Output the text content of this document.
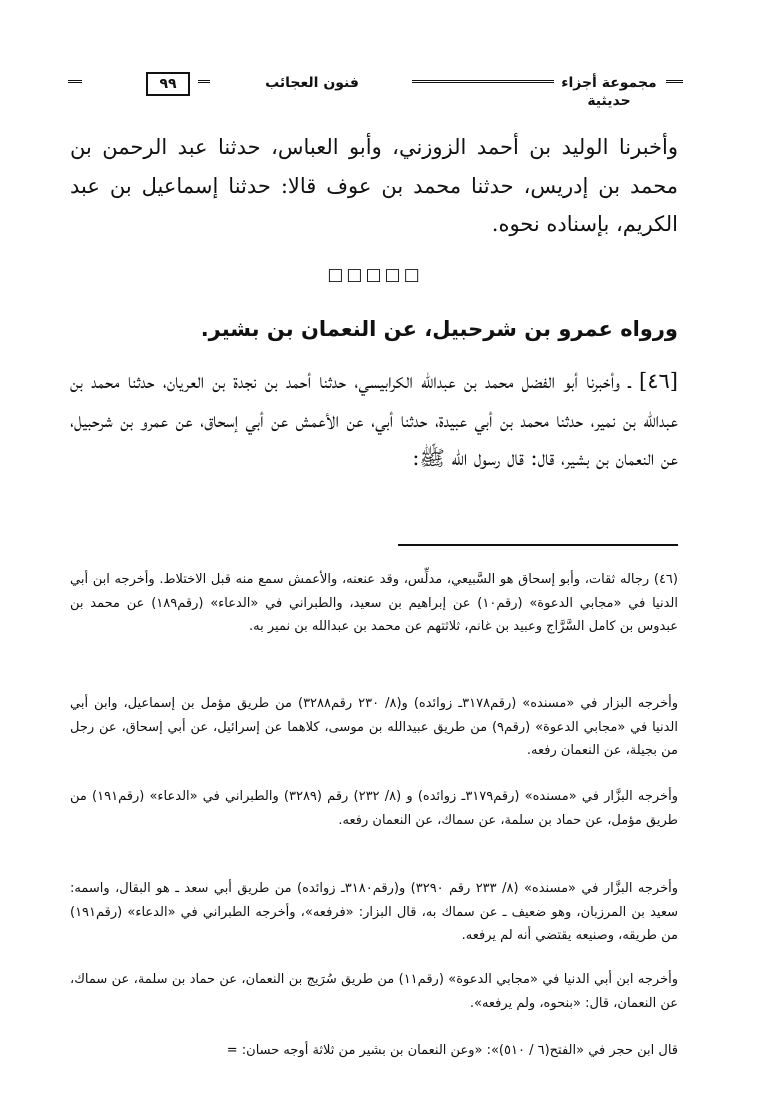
مجموعة أجزاء حديثية
فنون العجائب
٩٩

وأخبرنا الوليد بن أحمد الزوزني، وأبو العباس، حدثنا عبد الرحمن بن محمد بن إدريس، حدثنا محمد بن عوف قالا: حدثنا إسماعيل بن عبد الكريم، بإسناده نحوه.

□□□□□
ورواه عمرو بن شرحبيل، عن النعمان بن بشير.

[٤٦] ـ وأخبرنا أبو الفضل محمد بن عبدالله الكرابيسي، حدثنا أحمد بن نجدة بن العريان، حدثنا محمد بن عبدالله بن نمير، حدثنا محمد بن أبي عبيدة، حدثنا أبي، عن الأعمش عن أبي إسحاق، عن عمرو بن شرحبيل، عن النعمان بن بشير، قال: قال رسول الله ﷺ:

(٤٦) رجاله ثقات، وأبو إسحاق هو السَّبيعي، مدلِّس، وقد عنعنه، والأعمش سمع منه قبل الاختلاط. وأخرجه ابن أبي الدنيا في «مجابي الدعوة» (رقم١٠) عن إبراهيم بن سعيد، والطبراني في «الدعاء» (رقم١٨٩) عن محمد بن عبدوس بن كامل السَّرَّاج وعبيد بن غانم، ثلاثتهم عن محمد بن عبدالله بن نمير به.

وأخرجه البزار في «مسنده» (رقم٣١٧٨ـ زوائده) و(٨/ ٢٣٠ رقم٣٢٨٨) من طريق مؤمل بن إسماعيل، وابن أبي الدنيا في «مجابي الدعوة» (رقم٩) من طريق عبيدالله بن موسى، كلاهما عن إسرائيل، عن أبي إسحاق، عن رجل من بجيلة، عن النعمان رفعه.

وأخرجه البزَّار في «مسنده» (رقم٣١٧٩ـ زوائده) و (٨/ ٢٣٢) رقم (٣٢٨٩) والطبراني في «الدعاء» (رقم١٩١) من طريق مؤمل، عن حماد بن سلمة، عن سماك، عن النعمان رفعه.

وأخرجه البزَّار في «مسنده» (٨/ ٢٣٣ رقم ٣٢٩٠) و(رقم٣١٨٠ـ زوائده) من طريق أبي سعد ـ هو البقال، واسمه: سعيد بن المرزبان، وهو ضعيف ـ عن سماك به، قال البزار: «فرفعه»، وأخرجه الطبراني في «الدعاء» (رقم١٩١) من طريقه، وصنيعه يقتضي أنه لم يرفعه.

وأخرجه ابن أبي الدنيا في «مجابي الدعوة» (رقم١١) من طريق سُرَيج بن النعمان، عن حماد بن سلمة، عن سماك، عن النعمان، قال: «بنحوه، ولم يرفعه».

قال ابن حجر في «الفتح(٦ / ٥١٠)»: «وعن النعمان بن بشير من ثلاثة أوجه حسان: =
